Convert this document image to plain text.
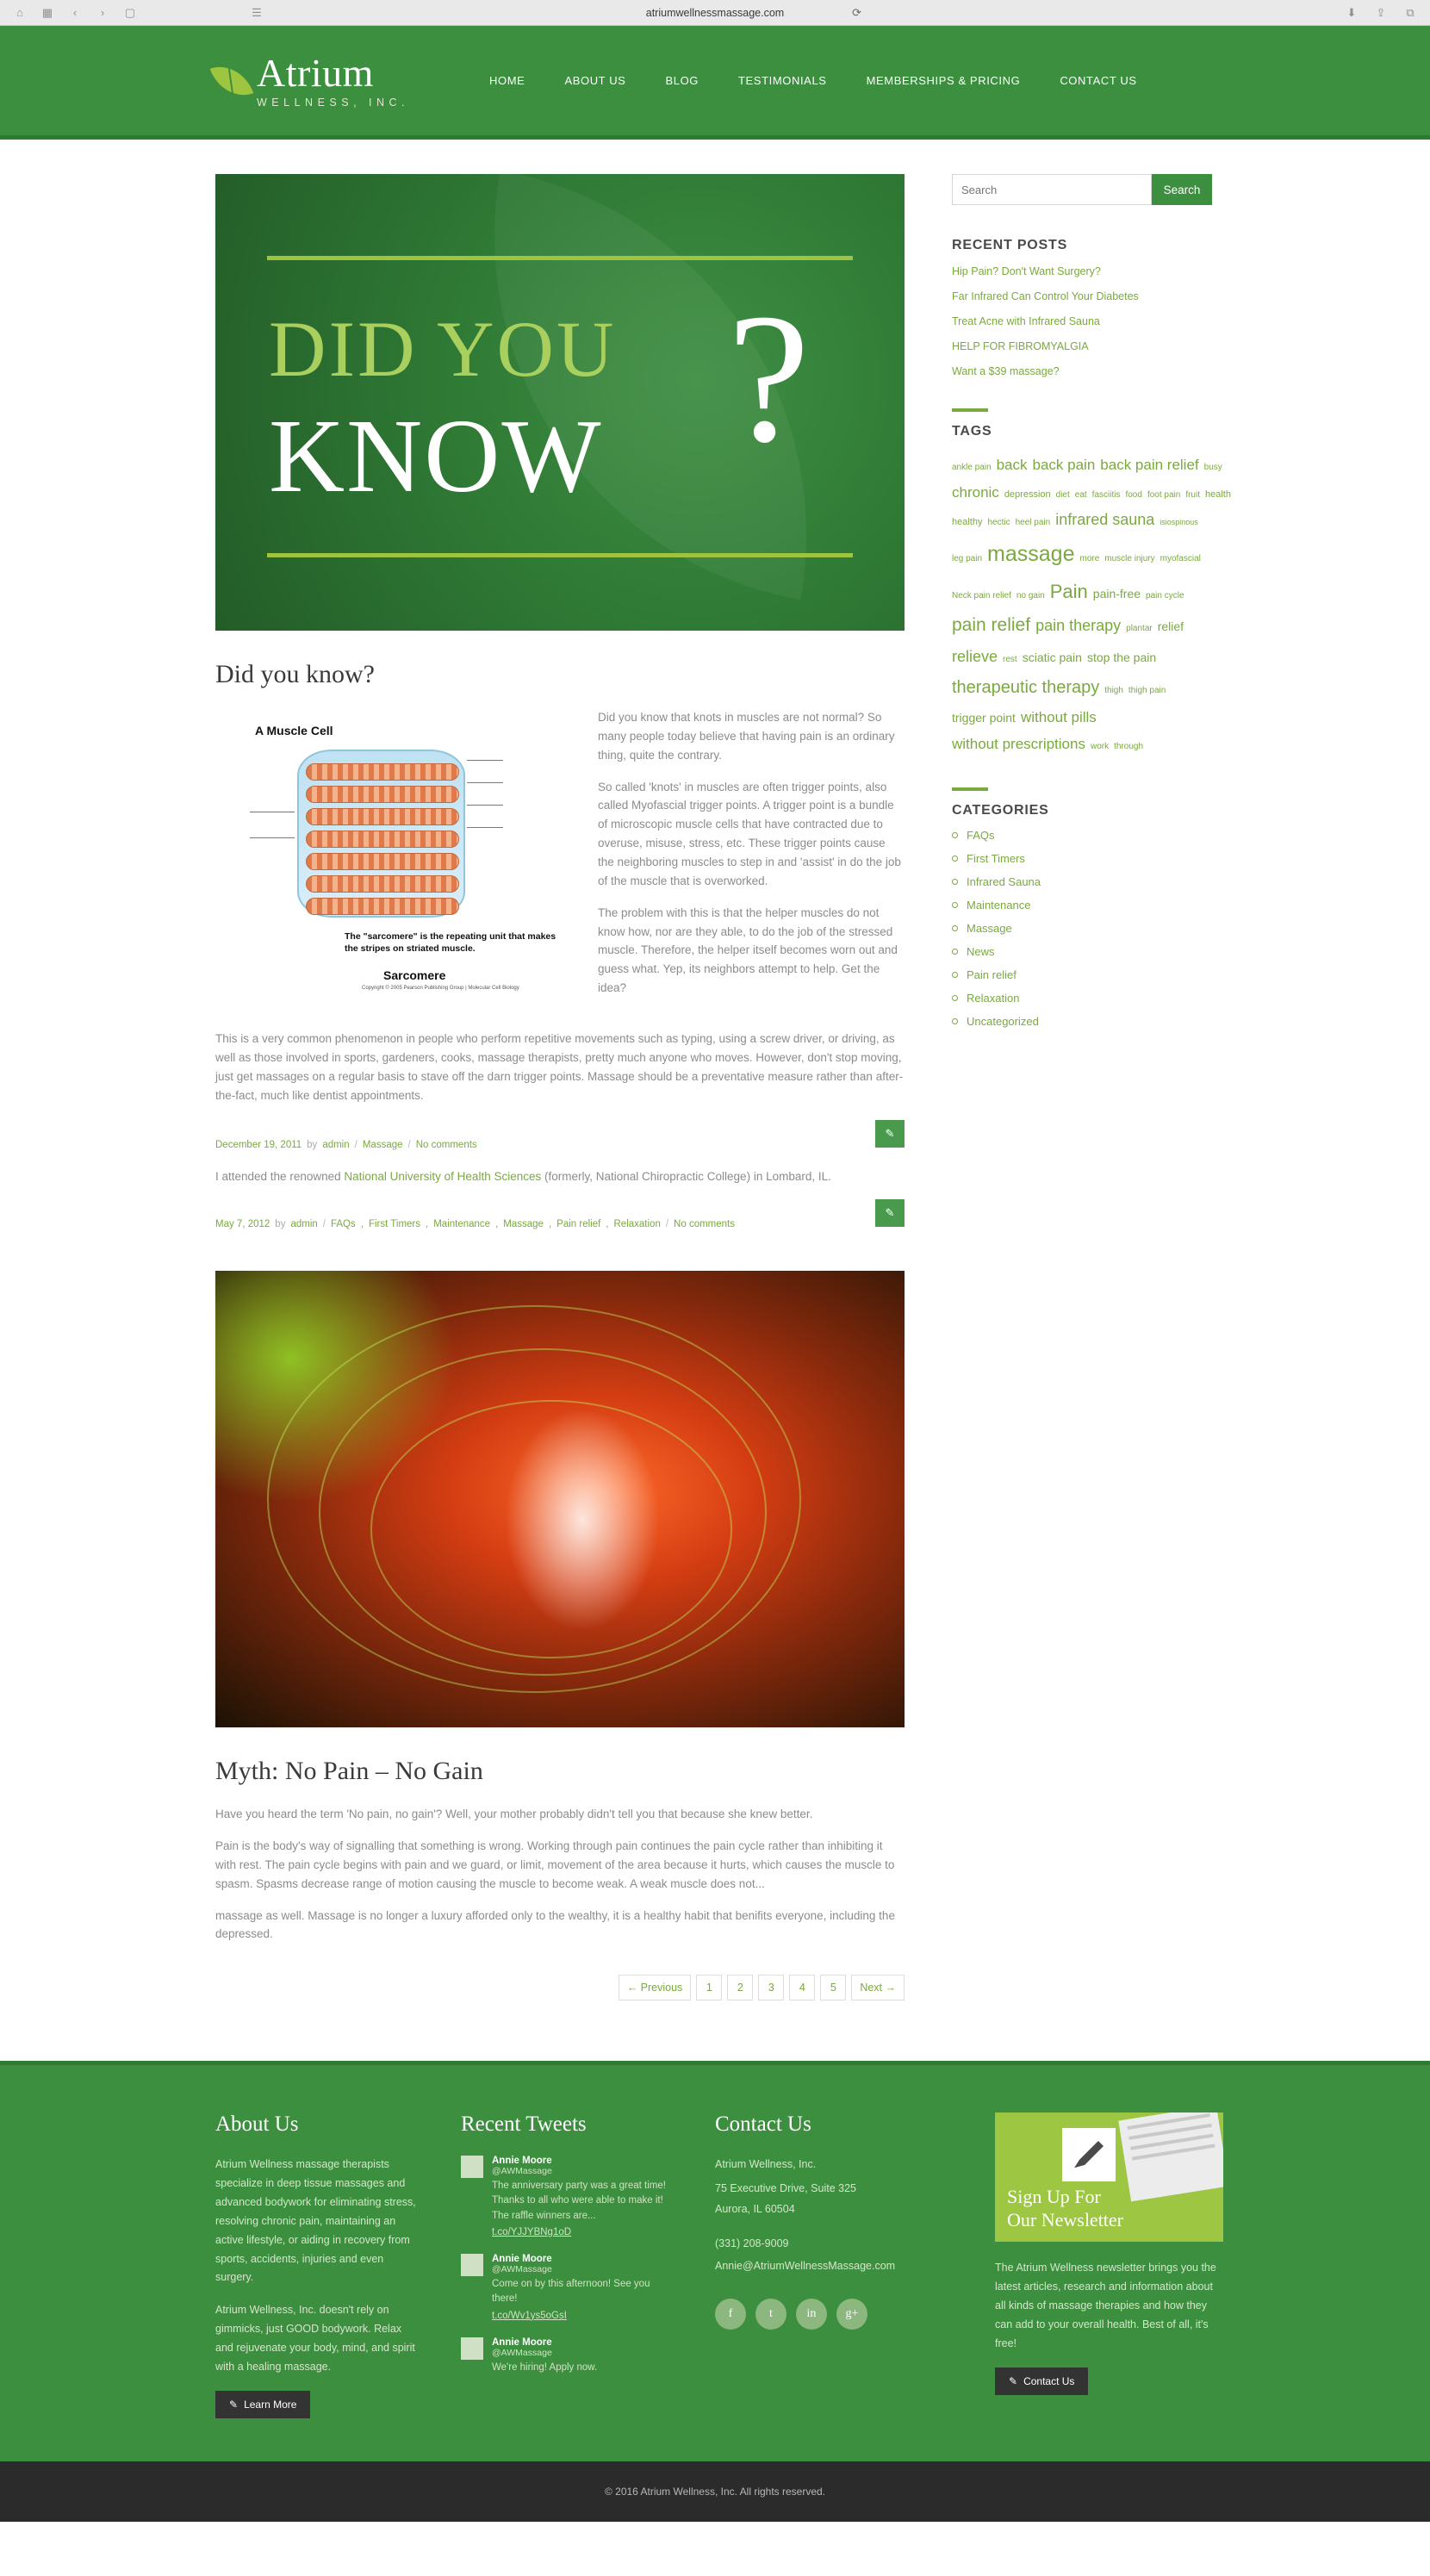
⌂	▦	‹	›	▢	☰	atriumwellnessmassage.com	⟳	⬇ ⇪	⧉
Atrium
WELLNESS, INC.
HOME	ABOUT US	BLOG	TESTIMONIALS	MEMBERSHIPS & PRICING	CONTACT US
DID YOU
KNOW ?
Did you know?
A Muscle Cell
The "sarcomere" is the repeating unit that makes the stripes on striated muscle.
Sarcomere
Copyright © 2005 Pearson Publishing Group | Molecular Cell Biology

Did you know that knots in muscles are not normal? So many people today believe that having pain is an ordinary thing, quite the contrary.

So called 'knots' in muscles are often trigger points, also called Myofascial trigger points. A trigger point is a bundle of microscopic muscle cells that have contracted due to overuse, misuse, stress, etc. These trigger points cause the neighboring muscles to step in and 'assist' in do the job of the muscle that is overworked.

The problem with this is that the helper muscles do not know how, nor are they able, to do the job of the stressed muscle. Therefore, the helper itself becomes worn out and guess what. Yep, its neighbors attempt to help. Get the idea?

This is a very common phenomenon in people who perform repetitive movements such as typing, using a screw driver, or driving, as well as those involved in sports, gardeners, cooks, massage therapists, pretty much anyone who moves. However, don't stop moving, just get massages on a regular basis to stave off the darn trigger points. Massage should be a preventative measure rather than after-the-fact, much like dentist appointments.

December 19, 2011 by admin / Massage / No comments
✎
I attended the renowned National University of Health Sciences (formerly, National Chiropractic College) in Lombard, IL.
May 7, 2012 by admin / FAQs , First Timers , Maintenance , Massage , Pain relief , Relaxation / No comments
✎
Myth: No Pain – No Gain

Have you heard the term 'No pain, no gain'? Well, your mother probably didn't tell you that because she knew better.

Pain is the body's way of signalling that something is wrong. Working through pain continues the pain cycle rather than inhibiting it with rest. The pain cycle begins with pain and we guard, or limit, movement of the area because it hurts, which causes the muscle to spasm. Spasms decrease range of motion causing the muscle to become weak. A weak muscle does not...

massage as well. Massage is no longer a luxury afforded only to the wealthy, it is a healthy habit that benifits everyone, including the depressed.

← Previous	1	2	3	4	5	Next →
Search
Search
RECENT POSTS
Hip Pain? Don't Want Surgery?
Far Infrared Can Control Your Diabetes
Treat Acne with Infrared Sauna
HELP FOR FIBROMYALGIA
Want a $39 massage?
TAGS
ankle pain back back pain back pain relief busychronic depression diet eat fasciitis food foot pain fruit healthhealthy hectic heel pain infrared sauna isiospinousleg pain massage more muscle injury myofascialNeck pain relief no gain Pain pain-free pain cyclepain relief pain therapy plantar reliefrelieve rest sciatic pain stop the paintherapeutic therapy thigh thigh paintrigger point without pillswithout prescriptions work through
CATEGORIES
FAQs
First Timers
Infrared Sauna
Maintenance
Massage
News
Pain relief
Relaxation
Uncategorized
About Us

Atrium Wellness massage therapists specialize in deep tissue massages and advanced bodywork for eliminating stress, resolving chronic pain, maintaining an active lifestyle, or aiding in recovery from sports, accidents, injuries and even surgery.

Atrium Wellness, Inc. doesn't rely on gimmicks, just GOOD bodywork. Relax and rejuvenate your body, mind, and spirit with a healing massage.

✎ Learn More
Recent Tweets
Annie Moore
@AWMassage
The anniversary party was a great time! Thanks to all who were able to make it! The raffle winners are...
t.co/YJJYBNg1oD
Annie Moore
@AWMassage
Come on by this afternoon! See you there!
t.co/Wv1ys5oGsI
Annie Moore
@AWMassage
We're hiring! Apply now.
Contact Us

Atrium Wellness, Inc.

75 Executive Drive, Suite 325

Aurora, IL 60504

(331) 208-9009

Annie@AtriumWellnessMassage.com

f	t	in	g+
Sign Up For
Our Newsletter

The Atrium Wellness newsletter brings you the latest articles, research and information about all kinds of massage therapies and how they can add to your overall health. Best of all, it's free!

✎ Contact Us
© 2016 Atrium Wellness, Inc. All rights reserved.
